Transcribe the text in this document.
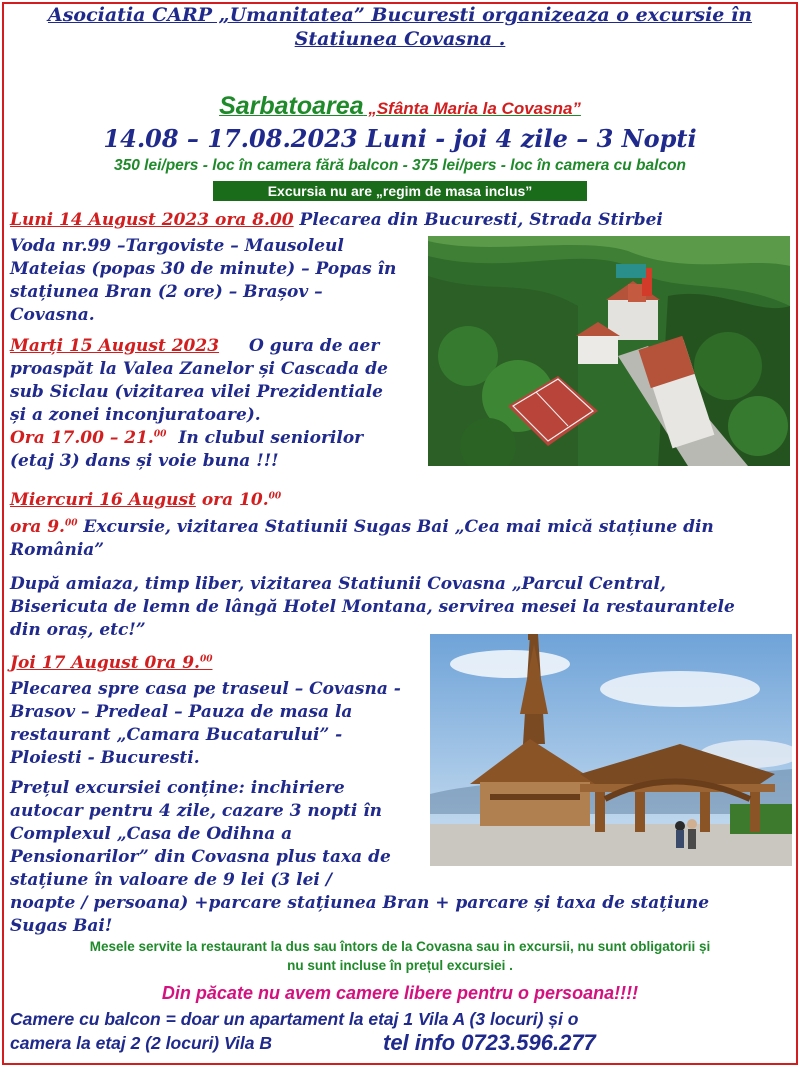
Asociatia CARP „Umanitatea” Bucuresti organizeaza o excursie în
Statiunea Covasna .
Sarbatoarea „Sfânta Maria la Covasna”
14.08 – 17.08.2023 Luni - joi 4 zile – 3 Nopti
350 lei/pers - loc în camera fără balcon - 375 lei/pers - loc în camera cu balcon
Excursia nu are „regim de masa inclus”
Luni 14 August 2023 ora 8.00 Plecarea din Bucuresti, Strada Stirbei
Voda nr.99 –Targoviste – Mausoleul
Mateias (popas 30 de minute) – Popas în
stațiunea Bran (2 ore) – Brașov –
Covasna.
Marți 15 August 2023 O gura de aer
proaspăt la Valea Zanelor și Cascada de
sub Siclau (vizitarea vilei Prezidentiale
și a zonei inconjuratoare).
Ora 17.00 – 21.00 In clubul seniorilor
(etaj 3) dans și voie buna !!!
Miercuri 16 August ora 10.00
ora 9.00 Excursie, vizitarea Statiunii Sugas Bai „Cea mai mică stațiune din
România”
După amiaza, timp liber, vizitarea Statiunii Covasna „Parcul Central,
Bisericuta de lemn de lângă Hotel Montana, servirea mesei la restaurantele
din oraș, etc!”
Joi 17 August 0ra 9.00
Plecarea spre casa pe traseul – Covasna -
Brasov – Predeal – Pauza de masa la
restaurant „Camara Bucatarului” -
Ploiesti - Bucuresti.
Prețul excursiei conține: inchiriere
autocar pentru 4 zile, cazare 3 nopti în
Complexul „Casa de Odihna a
Pensionarilor” din Covasna plus taxa de
stațiune în valoare de 9 lei (3 lei /
noapte / persoana) +parcare stațiunea Bran + parcare și taxa de stațiune
Sugas Bai!
Mesele servite la restaurant la dus sau întors de la Covasna sau in excursii, nu sunt obligatorii și
nu sunt incluse în prețul excursiei .
Din păcate nu avem camere libere pentru o persoana!!!!
Camere cu balcon = doar un apartament la etaj 1 Vila A (3 locuri) și o
camera la etaj 2 (2 locuri) Vila B	tel info 0723.596.277
